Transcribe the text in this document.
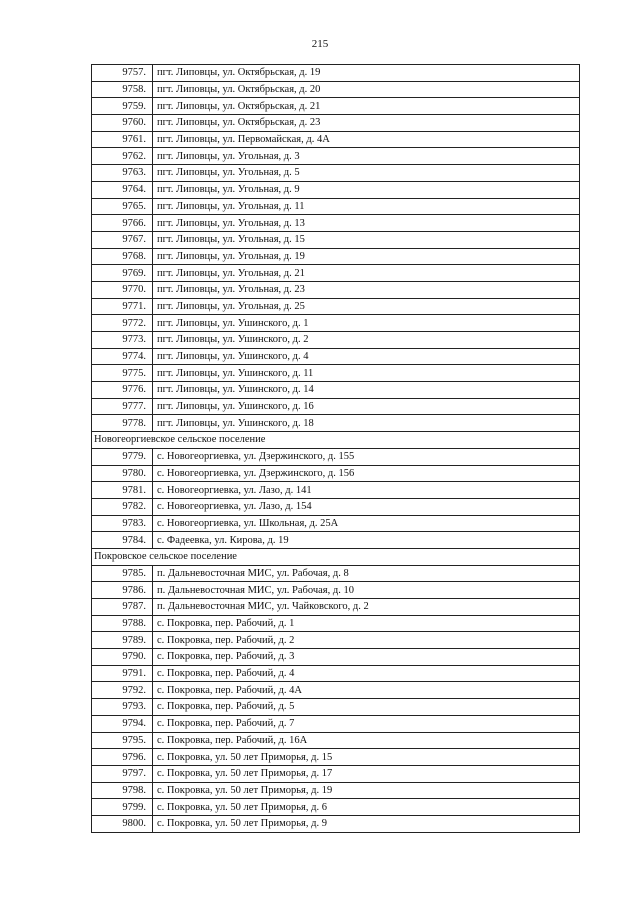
215
9757.	пгт. Липовцы, ул. Октябрьская, д. 19
9758.	пгт. Липовцы, ул. Октябрьская, д. 20
9759.	пгт. Липовцы, ул. Октябрьская, д. 21
9760.	пгт. Липовцы, ул. Октябрьская, д. 23
9761.	пгт. Липовцы, ул. Первомайская, д. 4А
9762.	пгт. Липовцы, ул. Угольная, д. 3
9763.	пгт. Липовцы, ул. Угольная, д. 5
9764.	пгт. Липовцы, ул. Угольная, д. 9
9765.	пгт. Липовцы, ул. Угольная, д. 11
9766.	пгт. Липовцы, ул. Угольная, д. 13
9767.	пгт. Липовцы, ул. Угольная, д. 15
9768.	пгт. Липовцы, ул. Угольная, д. 19
9769.	пгт. Липовцы, ул. Угольная, д. 21
9770.	пгт. Липовцы, ул. Угольная, д. 23
9771.	пгт. Липовцы, ул. Угольная, д. 25
9772.	пгт. Липовцы, ул. Ушинского, д. 1
9773.	пгт. Липовцы, ул. Ушинского, д. 2
9774.	пгт. Липовцы, ул. Ушинского, д. 4
9775.	пгт. Липовцы, ул. Ушинского, д. 11
9776.	пгт. Липовцы, ул. Ушинского, д. 14
9777.	пгт. Липовцы, ул. Ушинского, д. 16
9778.	пгт. Липовцы, ул. Ушинского, д. 18
Новогеоргиевское сельское поселение	
9779.	с. Новогеоргиевка, ул. Дзержинского, д. 155
9780.	с. Новогеоргиевка, ул. Дзержинского, д. 156
9781.	с. Новогеоргиевка, ул. Лазо, д. 141
9782.	с. Новогеоргиевка, ул. Лазо, д. 154
9783.	с. Новогеоргиевка, ул. Школьная, д. 25А
9784.	с. Фадеевка, ул. Кирова, д. 19
Покровское сельское поселение	
9785.	п. Дальневосточная МИС, ул. Рабочая, д. 8
9786.	п. Дальневосточная МИС, ул. Рабочая, д. 10
9787.	п. Дальневосточная МИС, ул. Чайковского, д. 2
9788.	с. Покровка, пер. Рабочий, д. 1
9789.	с. Покровка, пер. Рабочий, д. 2
9790.	с. Покровка, пер. Рабочий, д. 3
9791.	с. Покровка, пер. Рабочий, д. 4
9792.	с. Покровка, пер. Рабочий, д. 4А
9793.	с. Покровка, пер. Рабочий, д. 5
9794.	с. Покровка, пер. Рабочий, д. 7
9795.	с. Покровка, пер. Рабочий, д. 16А
9796.	с. Покровка, ул. 50 лет Приморья, д. 15
9797.	с. Покровка, ул. 50 лет Приморья, д. 17
9798.	с. Покровка, ул. 50 лет Приморья, д. 19
9799.	с. Покровка, ул. 50 лет Приморья, д. 6
9800.	с. Покровка, ул. 50 лет Приморья, д. 9
